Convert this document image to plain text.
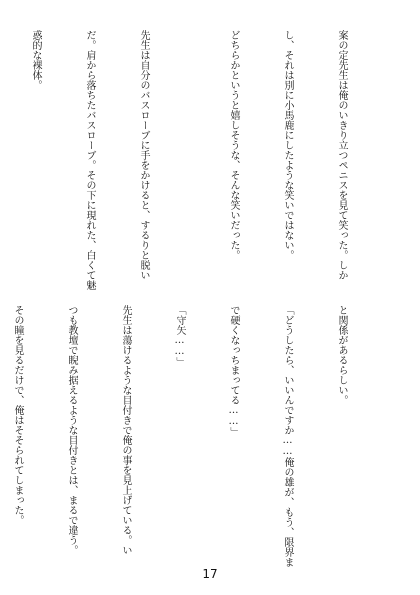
案の定先生は俺のいきり立つペニスを見て笑った。しか

し、それは別に小馬鹿にしたような笑いではない。

どちらかというと嬉しそうな、そんな笑いだった。

先生は自分のバスローブに手をかけると、するりと脱い

だ。肩から落ちたバスローブ。その下に現れた、白くて魅

惑的な裸体。

と関係があるらしい。

「どうしたら、いいんですか……俺の雄が、もう、限界ま

で硬くなっちまってる……」

「守矢……」

先生は蕩けるような目付きで俺の事を見上げている。い

つも教壇で睨み据えるような目付きとは、まるで違う。

その瞳を見るだけで、俺はそそられてしまった。

17
